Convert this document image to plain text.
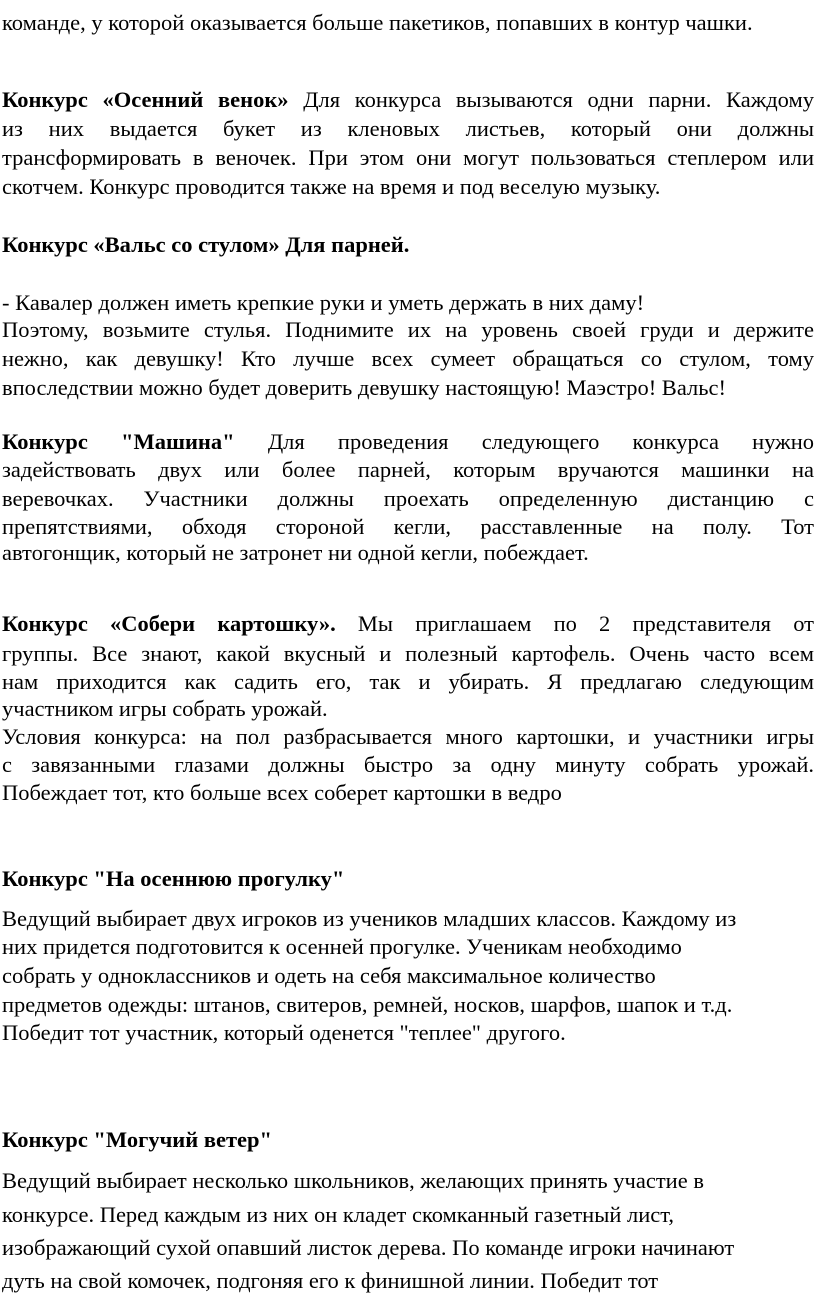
команде, у которой оказывается больше пакетиков, попавших в контур чашки.

Конкурс «Осенний венок» Для конкурса вызываются одни парни. Каждому

из них выдается букет из кленовых листьев, который они должны

трансформировать в веночек. При этом они могут пользоваться степлером или

скотчем. Конкурс проводится также на время и под веселую музыку.

Конкурс «Вальс со стулом» Для парней.

- Кавалер должен иметь крепкие руки и уметь держать в них даму!

Поэтому, возьмите стулья. Поднимите их на уровень своей груди и держите

нежно, как девушку! Кто лучше всех сумеет обращаться со стулом, тому

впоследствии можно будет доверить девушку настоящую! Маэстро! Вальс!

Конкурс "Машина" Для проведения следующего конкурса нужно

задействовать двух или более парней, которым вручаются машинки на

веревочках. Участники должны проехать определенную дистанцию с

препятствиями, обходя стороной кегли, расставленные на полу. Тот

автогонщик, который не затронет ни одной кегли, побеждает.

Конкурс «Собери картошку». Мы приглашаем по 2 представителя от

группы. Все знают, какой вкусный и полезный картофель. Очень часто всем

нам приходится как садить его, так и убирать. Я предлагаю следующим

участником игры собрать урожай.

Условия конкурса: на пол разбрасывается много картошки, и участники игры

с завязанными глазами должны быстро за одну минуту собрать урожай.

Побеждает тот, кто больше всех соберет картошки в ведро

Конкурс "На осеннюю прогулку"

Ведущий выбирает двух игроков из учеников младших классов. Каждому из

них придется подготовится к осенней прогулке. Ученикам необходимо

собрать у одноклассников и одеть на себя максимальное количество

предметов одежды: штанов, свитеров, ремней, носков, шарфов, шапок и т.д.

Победит тот участник, который оденется "теплее" другого.

Конкурс "Могучий ветер"

Ведущий выбирает несколько школьников, желающих принять участие в

конкурсе. Перед каждым из них он кладет скомканный газетный лист,

изображающий сухой опавший листок дерева. По команде игроки начинают

дуть на свой комочек, подгоняя его к финишной линии. Победит тот
